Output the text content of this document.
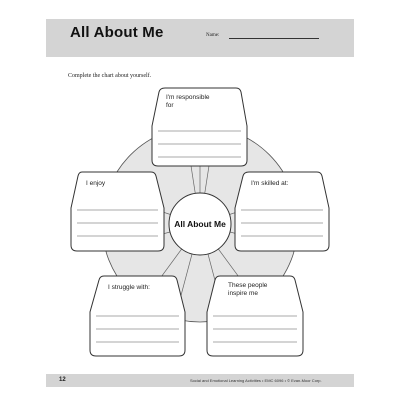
All About Me	Name:
Complete the chart about yourself.
All About Me
I'm responsible
for
I'm skilled at:
These people
inspire me
I struggle with:
I enjoy
12	Social and Emotional Learning Activities • EMC 6096 • © Evan-Moor Corp.
